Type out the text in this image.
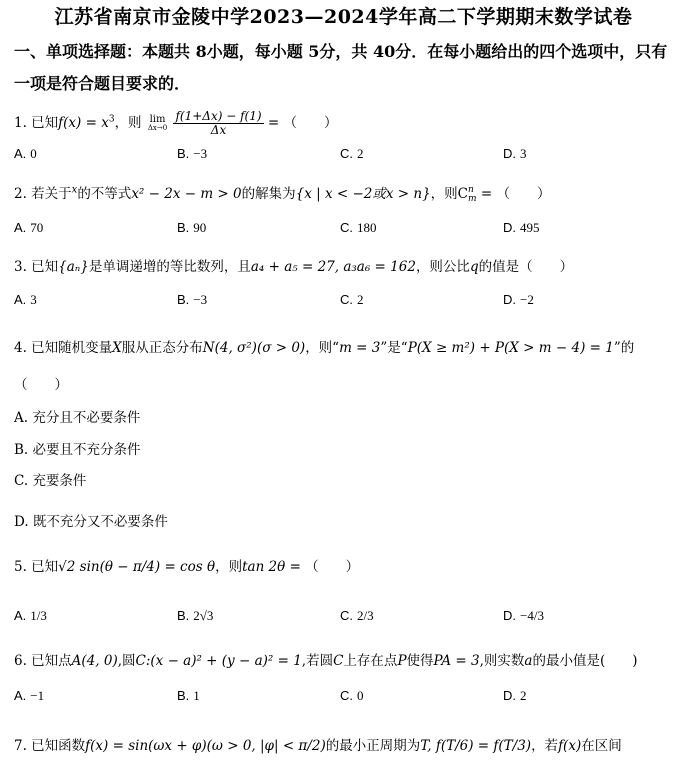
江苏省南京市金陵中学2023—2024学年高二下学期期末数学试卷
一、单项选择题：本题共 8小题，每小题 5分，共 40分．在每小题给出的四个选项中，只有
一项是符合题目要求的．
1. 已知$f(x) = x^3$，则 lim
Δx→0
$\frac{f(1+\Delta x) - f(1)}{\Delta x}$ = （　　）
A. 0	B. −3	C. 2	D. 3
2. 若关于$^x$的不等式x² − 2x − m > 0的解集为{x | x < −2或x > n}，则C n
m = （　　）
A. 70	B. 90	C. 180	D. 495
3. 已知{aₙ}是单调递增的等比数列，且a₄ + a₅ = 27, a₃a₆ = 162，则公比q的值是（　　）
A. 3	B. −3	C. 2	D. −2
4. 已知随机变量X服从正态分布N(4, σ²)(σ > 0)，则“m = 3”是“P(X ≥ m²) + P(X > m − 4) = 1”的
（　　）
A. 充分且不必要条件
B. 必要且不充分条件
C. 充要条件
D. 既不充分又不必要条件
5. 已知√2 sin(θ − π/4) = cos θ，则tan 2θ = （　　）
A. 1/3	B. 2√3	C. 2/3	D. −4/3
6. 已知点A(4, 0),圆C:(x − a)² + (y − a)² = 1,若圆C上存在点P使得PA = 3,则实数a的最小值是(　　)
A. −1	B. 1	C. 0	D. 2
7. 已知函数f(x) = sin(ωx + φ)(ω > 0, |φ| < π/2)的最小正周期为T, f(T/6) = f(T/3)，若f(x)在区间
